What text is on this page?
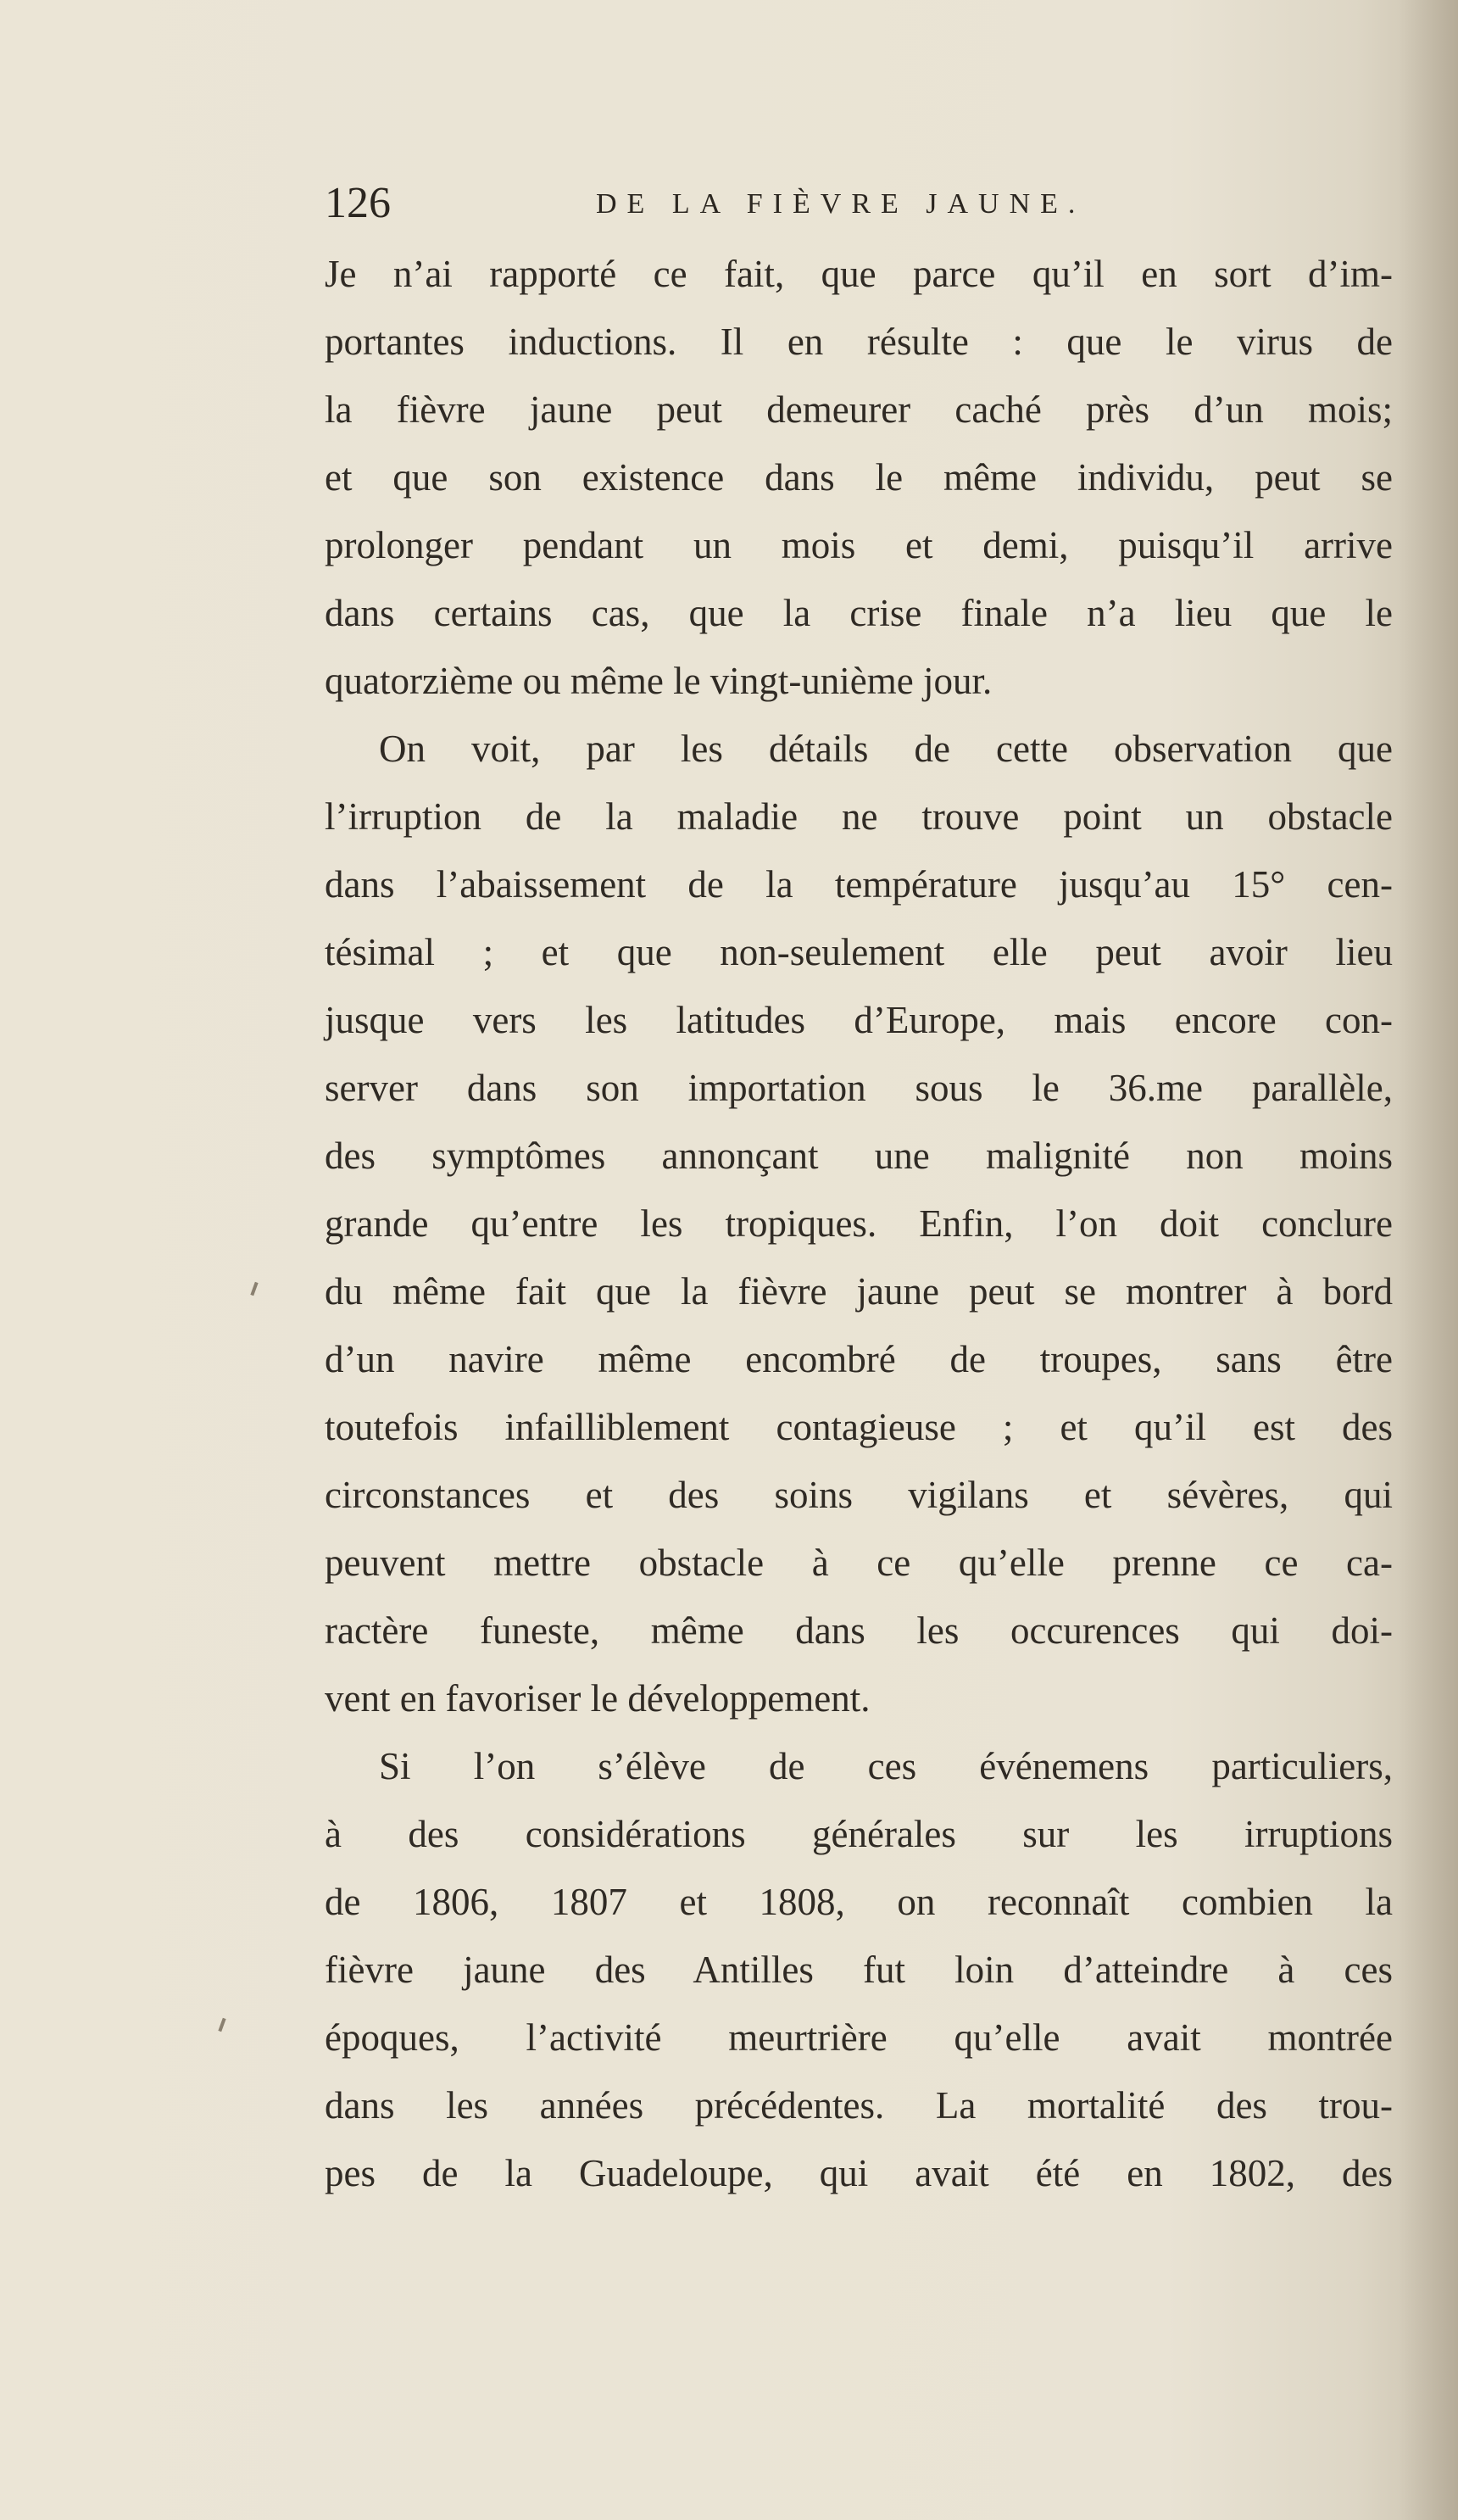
126	DE LA FIÈVRE JAUNE.
Je n’ai rapporté ce fait, que parce qu’il en sort d’im-
portantes inductions. Il en résulte : que le virus de
la fièvre jaune peut demeurer caché près d’un mois;
et que son existence dans le même individu, peut se
prolonger pendant un mois et demi, puisqu’il arrive
dans certains cas, que la crise finale n’a lieu que le
quatorzième ou même le vingt-unième jour.
On voit, par les détails de cette observation que
l’irruption de la maladie ne trouve point un obstacle
dans l’abaissement de la température jusqu’au 15° cen-
tésimal ; et que non-seulement elle peut avoir lieu
jusque vers les latitudes d’Europe, mais encore con-
server dans son importation sous le 36.me parallèle,
des symptômes annonçant une malignité non moins
grande qu’entre les tropiques. Enfin, l’on doit conclure
du même fait que la fièvre jaune peut se montrer à bord
d’un navire même encombré de troupes, sans être
toutefois infailliblement contagieuse ; et qu’il est des
circonstances et des soins vigilans et sévères, qui
peuvent mettre obstacle à ce qu’elle prenne ce ca-
ractère funeste, même dans les occurences qui doi-
vent en favoriser le développement.
Si l’on s’élève de ces événemens particuliers,
à des considérations générales sur les irruptions
de 1806, 1807 et 1808, on reconnaît combien la
fièvre jaune des Antilles fut loin d’atteindre à ces
époques, l’activité meurtrière qu’elle avait montrée
dans les années précédentes. La mortalité des trou-
pes de la Guadeloupe, qui avait été en 1802, des
